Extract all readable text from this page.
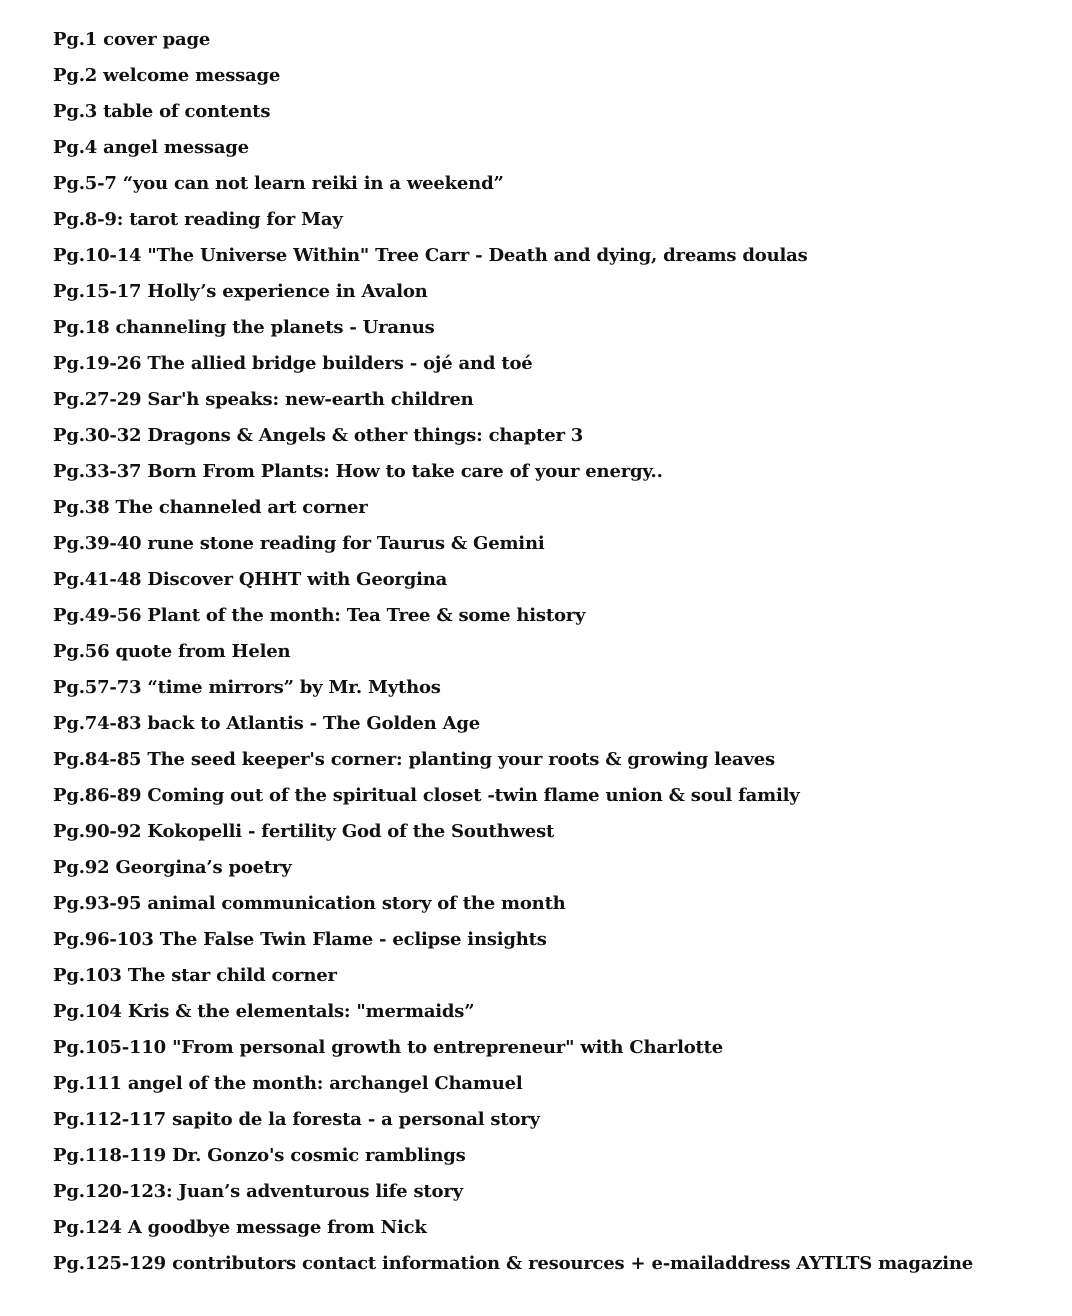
Pg.1 cover page
Pg.2 welcome message
Pg.3 table of contents
Pg.4 angel message
Pg.5-7 “you can not learn reiki in a weekend”
Pg.8-9: tarot reading for May
Pg.10-14 "The Universe Within" Tree Carr - Death and dying, dreams doulas
Pg.15-17 Holly’s experience in Avalon
Pg.18 channeling the planets - Uranus
Pg.19-26 The allied bridge builders - ojé and toé
Pg.27-29 Sar'h speaks: new-earth children
Pg.30-32 Dragons & Angels & other things: chapter 3
Pg.33-37 Born From Plants: How to take care of your energy..
Pg.38 The channeled art corner
Pg.39-40 rune stone reading for Taurus & Gemini
Pg.41-48 Discover QHHT with Georgina
Pg.49-56 Plant of the month: Tea Tree & some history
Pg.56 quote from Helen
Pg.57-73 “time mirrors” by Mr. Mythos
Pg.74-83 back to Atlantis - The Golden Age
Pg.84-85 The seed keeper's corner: planting your roots & growing leaves
Pg.86-89 Coming out of the spiritual closet -twin flame union & soul family
Pg.90-92 Kokopelli - fertility God of the Southwest
Pg.92 Georgina’s poetry
Pg.93-95 animal communication story of the month
Pg.96-103 The False Twin Flame - eclipse insights
Pg.103 The star child corner
Pg.104 Kris & the elementals: "mermaids”
Pg.105-110 "From personal growth to entrepreneur" with Charlotte
Pg.111 angel of the month: archangel Chamuel
Pg.112-117 sapito de la foresta - a personal story
Pg.118-119 Dr. Gonzo's cosmic ramblings
Pg.120-123: Juan’s adventurous life story
Pg.124 A goodbye message from Nick
Pg.125-129 contributors contact information & resources + e-mailaddress AYTLTS magazine
